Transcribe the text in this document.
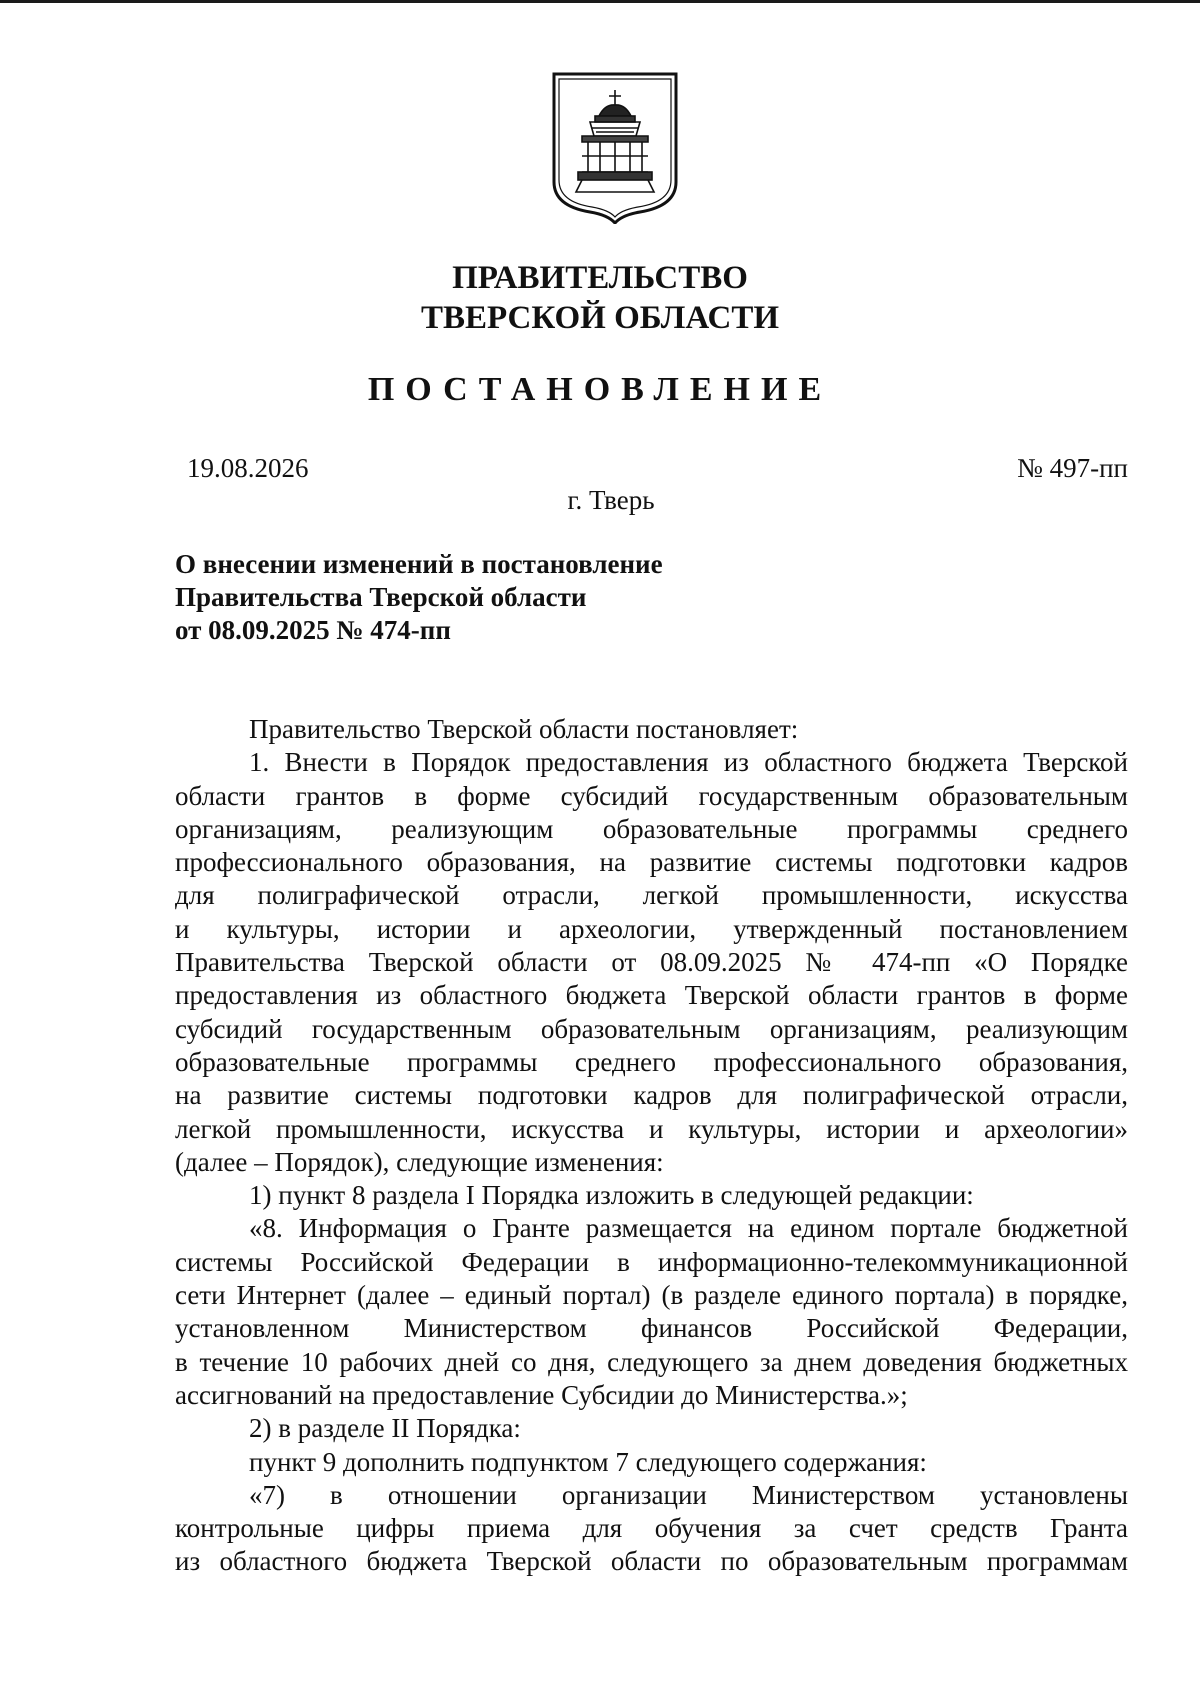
ПРАВИТЕЛЬСТВО
ТВЕРСКОЙ ОБЛАСТИ
ПОСТАНОВЛЕНИЕ
19.08.2026	№ 497-пп
г. Тверь
О внесении изменений в постановление
Правительства Тверской области
от 08.09.2025 № 474-пп
Правительство Тверской области постановляет:
1. Внести в Порядок предоставления из областного бюджета Тверской
области грантов в форме субсидий государственным образовательным
организациям, реализующим образовательные программы среднего
профессионального образования, на развитие системы подготовки кадров
для полиграфической отрасли, легкой промышленности, искусства
и культуры, истории и археологии, утвержденный постановлением
Правительства Тверской области от 08.09.2025 № 474-пп «О Порядке
предоставления из областного бюджета Тверской области грантов в форме
субсидий государственным образовательным организациям, реализующим
образовательные программы среднего профессионального образования,
на развитие системы подготовки кадров для полиграфической отрасли,
легкой промышленности, искусства и культуры, истории и археологии»
(далее – Порядок), следующие изменения:
1) пункт 8 раздела I Порядка изложить в следующей редакции:
«8. Информация о Гранте размещается на едином портале бюджетной
системы Российской Федерации в информационно-телекоммуникационной
сети Интернет (далее – единый портал) (в разделе единого портала) в порядке,
установленном Министерством финансов Российской Федерации,
в течение 10 рабочих дней со дня, следующего за днем доведения бюджетных
ассигнований на предоставление Субсидии до Министерства.»;
2) в разделе II Порядка:
пункт 9 дополнить подпунктом 7 следующего содержания:
«7) в отношении организации Министерством установлены
контрольные цифры приема для обучения за счет средств Гранта
из областного бюджета Тверской области по образовательным программам
